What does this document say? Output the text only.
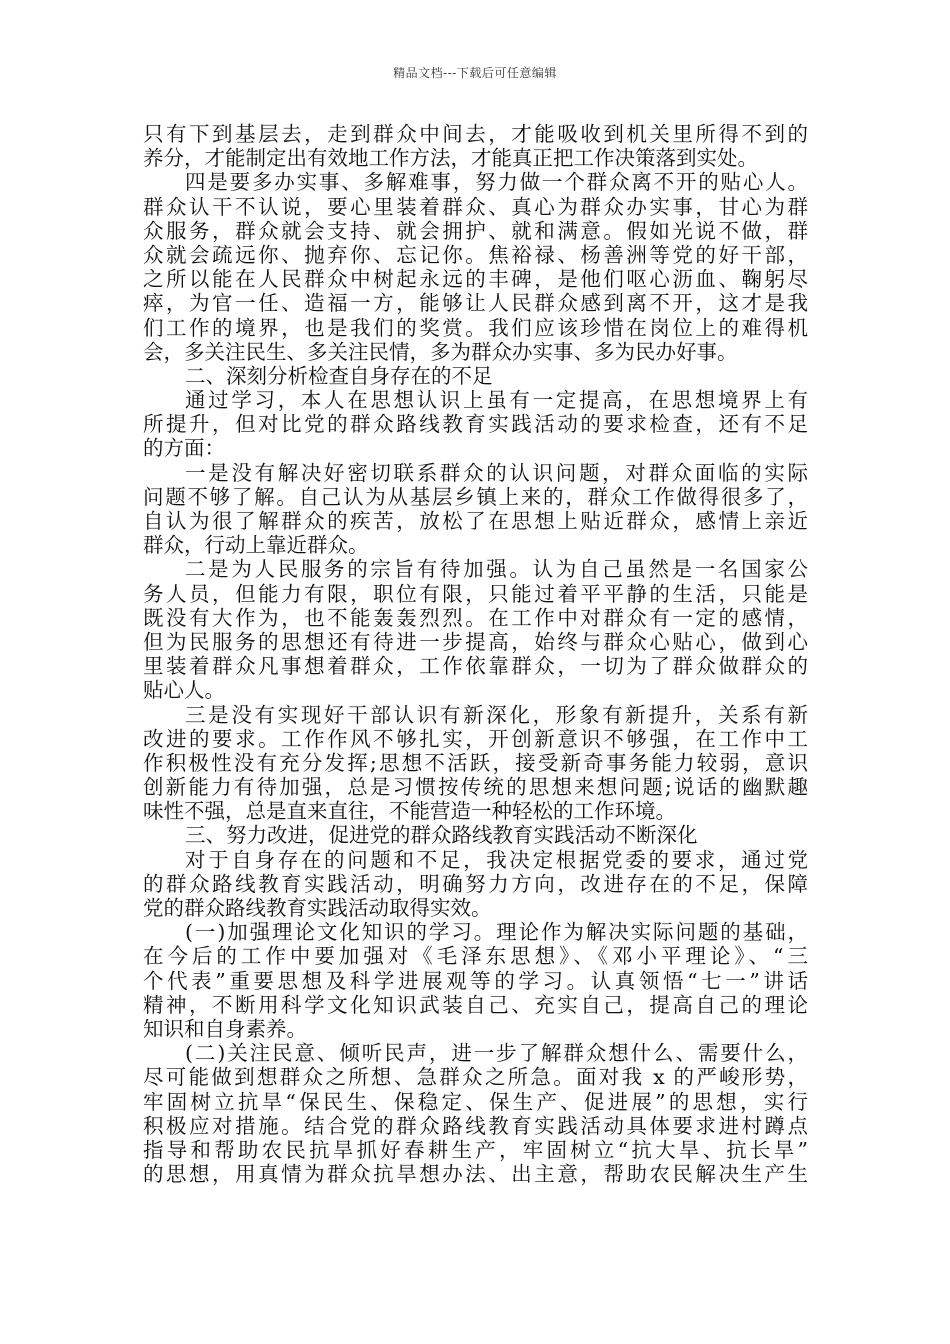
精品文档---下载后可任意编辑
只有下到基层去，走到群众中间去，才能吸收到机关里所得不到的
养分，才能制定出有效地工作方法，才能真正把工作决策落到实处。
四是要多办实事、多解难事，努力做一个群众离不开的贴心人。
群众认干不认说，要心里装着群众、真心为群众办实事，甘心为群
众服务，群众就会支持、就会拥护、就和满意。假如光说不做，群
众就会疏远你、抛弃你、忘记你。焦裕禄、杨善洲等党的好干部，
之所以能在人民群众中树起永远的丰碑，是他们呕心沥血、鞠躬尽
瘁，为官一任、造福一方，能够让人民群众感到离不开，这才是我
们工作的境界，也是我们的奖赏。我们应该珍惜在岗位上的难得机
会，多关注民生、多关注民情，多为群众办实事、多为民办好事。
二、深刻分析检查自身存在的不足
通过学习，本人在思想认识上虽有一定提高，在思想境界上有
所提升，但对比党的群众路线教育实践活动的要求检查，还有不足
的方面：
一是没有解决好密切联系群众的认识问题，对群众面临的实际
问题不够了解。自己认为从基层乡镇上来的，群众工作做得很多了，
自认为很了解群众的疾苦，放松了在思想上贴近群众，感情上亲近
群众，行动上靠近群众。
二是为人民服务的宗旨有待加强。认为自己虽然是一名国家公
务人员，但能力有限，职位有限，只能过着平平静的生活，只能是
既没有大作为，也不能轰轰烈烈。在工作中对群众有一定的感情，
但为民服务的思想还有待进一步提高，始终与群众心贴心，做到心
里装着群众凡事想着群众，工作依靠群众，一切为了群众做群众的
贴心人。
三是没有实现好干部认识有新深化，形象有新提升，关系有新
改进的要求。工作作风不够扎实，开创新意识不够强，在工作中工
作积极性没有充分发挥;思想不活跃，接受新奇事务能力较弱，意识
创新能力有待加强，总是习惯按传统的思想来想问题;说话的幽默趣
味性不强，总是直来直往，不能营造一种轻松的工作环境。
三、努力改进，促进党的群众路线教育实践活动不断深化
对于自身存在的问题和不足，我决定根据党委的要求，通过党
的群众路线教育实践活动，明确努力方向，改进存在的不足，保障
党的群众路线教育实践活动取得实效。
(一)加强理论文化知识的学习。理论作为解决实际问题的基础，
在今后的工作中要加强对《毛泽东思想》、《邓小平理论》、“三
个代表”重要思想及科学进展观等的学习。认真领悟“七一”讲话
精神，不断用科学文化知识武装自己、充实自己，提高自己的理论
知识和自身素养。
(二)关注民意、倾听民声，进一步了解群众想什么、需要什么，
尽可能做到想群众之所想、急群众之所急。面对我 x 的严峻形势，
牢固树立抗旱“保民生、保稳定、保生产、促进展”的思想，实行
积极应对措施。结合党的群众路线教育实践活动具体要求进村蹲点
指导和帮助农民抗旱抓好春耕生产，牢固树立“抗大旱、抗长旱”
的思想，用真情为群众抗旱想办法、出主意，帮助农民解决生产生
